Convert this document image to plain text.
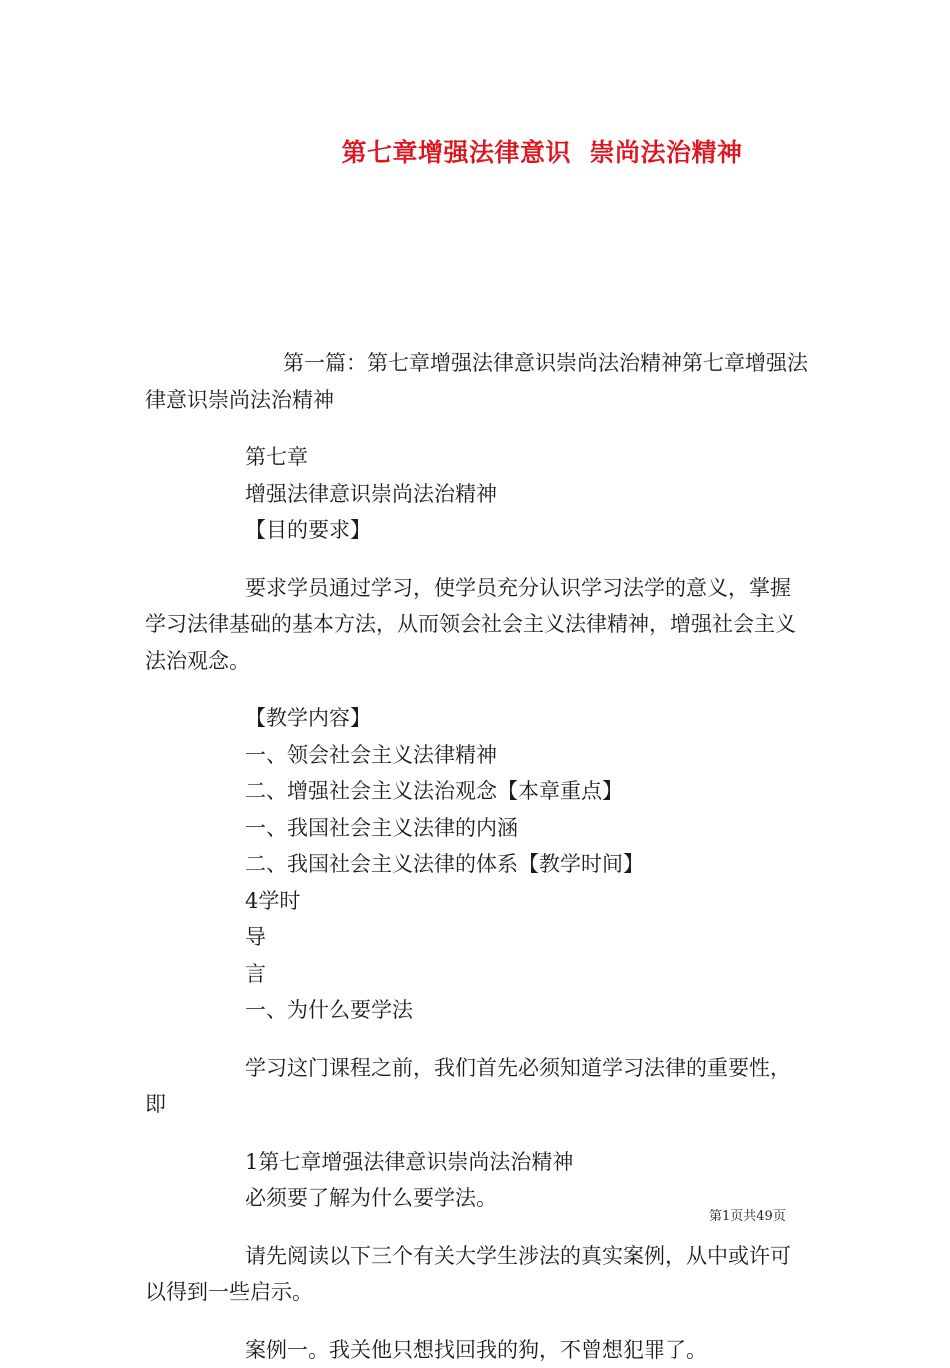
第七章增强法律意识  崇尚法治精神

第一篇：第七章增强法律意识崇尚法治精神第七章增强法律意识崇尚法治精神

第七章

增强法律意识崇尚法治精神

【目的要求】

要求学员通过学习，使学员充分认识学习法学的意义，掌握学习法律基础的基本方法，从而领会社会主义法律精神，增强社会主义法治观念。

【教学内容】

一、领会社会主义法律精神

二、增强社会主义法治观念【本章重点】

一、我国社会主义法律的内涵

二、我国社会主义法律的体系【教学时间】

4学时

导

言

一、为什么要学法

学习这门课程之前，我们首先必须知道学习法律的重要性，即

1第七章增强法律意识崇尚法治精神

必须要了解为什么要学法。

请先阅读以下三个有关大学生涉法的真实案例，从中或许可以得到一些启示。

案例一。我关他只想找回我的狗，不曾想犯罪了。

第1页共49页
